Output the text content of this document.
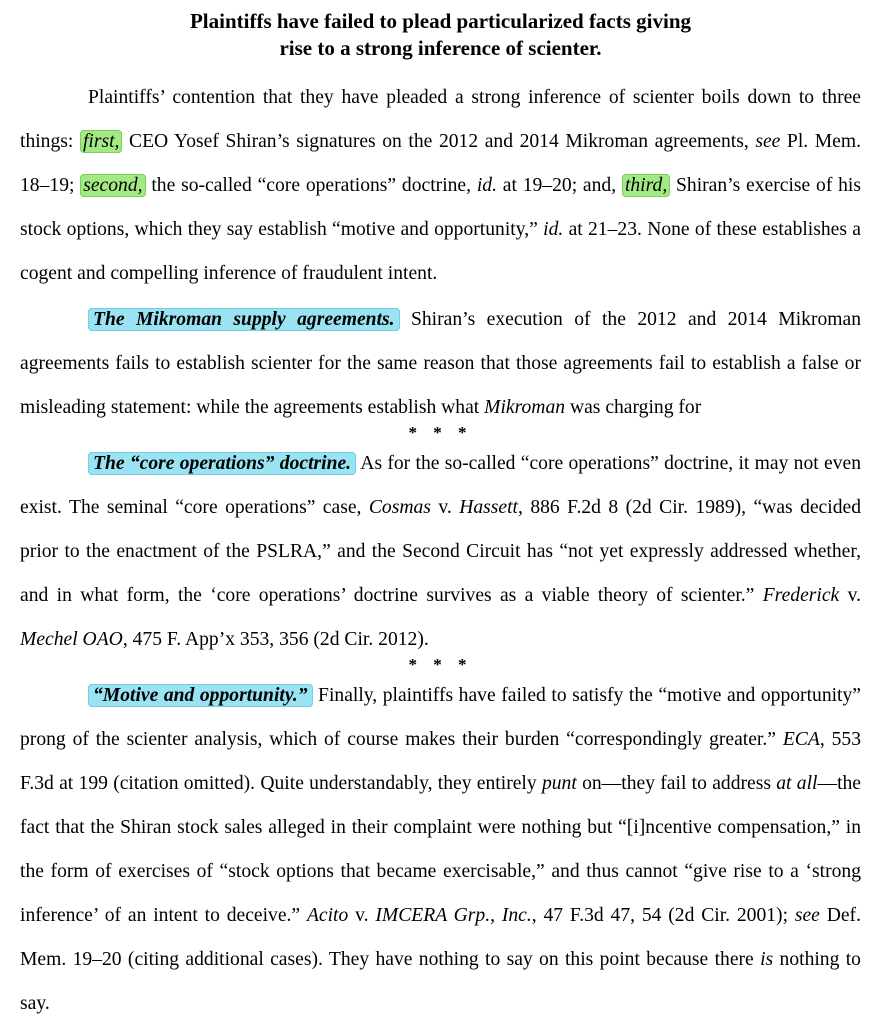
Plaintiffs have failed to plead particularized facts giving
rise to a strong inference of scienter.

Plaintiffs’ contention that they have pleaded a strong inference of scienter boils down to three things: first, CEO Yosef Shiran’s signatures on the 2012 and 2014 Mikroman agreements, see Pl. Mem. 18–19; second, the so-called “core operations” doctrine, id. at 19–20; and, third, Shiran’s exercise of his stock options, which they say establish “motive and opportunity,” id. at 21–23. None of these establishes a cogent and compelling inference of fraudulent intent.

The Mikroman supply agreements. Shiran’s execution of the 2012 and 2014 Mikroman agreements fails to establish scienter for the same reason that those agreements fail to establish a false or misleading statement: while the agreements establish what Mikroman was charging for

* * *

The “core operations” doctrine. As for the so-called “core operations” doctrine, it may not even exist. The seminal “core operations” case, Cosmas v. Hassett, 886 F.2d 8 (2d Cir. 1989), “was decided prior to the enactment of the PSLRA,” and the Second Circuit has “not yet expressly addressed whether, and in what form, the ‘core operations’ doctrine survives as a viable theory of scienter.” Frederick v. Mechel OAO, 475 F. App’x 353, 356 (2d Cir. 2012).

* * *

“Motive and opportunity.” Finally, plaintiffs have failed to satisfy the “motive and opportunity” prong of the scienter analysis, which of course makes their burden “correspondingly greater.” ECA, 553 F.3d at 199 (citation omitted). Quite understandably, they entirely punt on—they fail to address at all—the fact that the Shiran stock sales alleged in their complaint were nothing but “[i]ncentive compensation,” in the form of exercises of “stock options that became exercisable,” and thus cannot “give rise to a ‘strong inference’ of an intent to deceive.” Acito v. IMCERA Grp., Inc., 47 F.3d 47, 54 (2d Cir. 2001); see Def. Mem. 19–20 (citing additional cases). They have nothing to say on this point because there is nothing to say.
